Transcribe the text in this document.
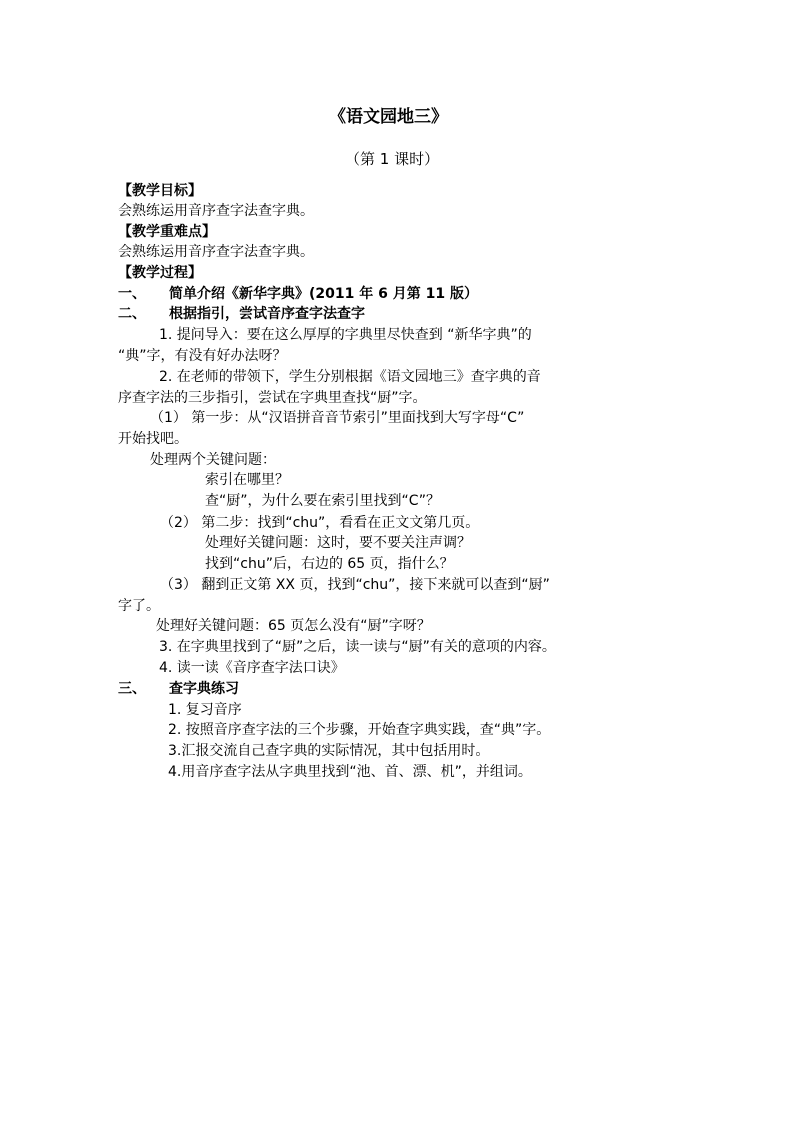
《语文园地三》
（第 1 课时）
【教学目标】
会熟练运用音序查字法查字典。
【教学重难点】
会熟练运用音序查字法查字典。
【教学过程】
一、 简单介绍《新华字典》(2011 年 6 月第 11 版）
二、 根据指引，尝试音序查字法查字
1. 提问导入：要在这么厚厚的字典里尽快查到 “新华字典”的
“典”字，有没有好办法呀？
2. 在老师的带领下，学生分别根据《语文园地三》查字典的音
序查字法的三步指引，尝试在字典里查找“厨”字。
（1） 第一步：从“汉语拼音音节索引”里面找到大写字母“C”
开始找吧。
处理两个关键问题：
索引在哪里？
查“厨”，为什么要在索引里找到“C”？
（2） 第二步：找到“chu”，看看在正文文第几页。
处理好关键问题：这时，要不要关注声调？
找到“chu”后，右边的 65 页，指什么？
（3） 翻到正文第 XX 页，找到“chu”，接下来就可以查到“厨”
字了。
处理好关键问题：65 页怎么没有“厨”字呀？
3. 在字典里找到了“厨”之后，读一读与“厨”有关的意项的内容。
4. 读一读《音序查字法口诀》
三、 查字典练习
1. 复习音序
2. 按照音序查字法的三个步骤，开始查字典实践，查“典”字。
3.汇报交流自己查字典的实际情况，其中包括用时。
4.用音序查字法从字典里找到“池、首、漂、机”，并组词。
